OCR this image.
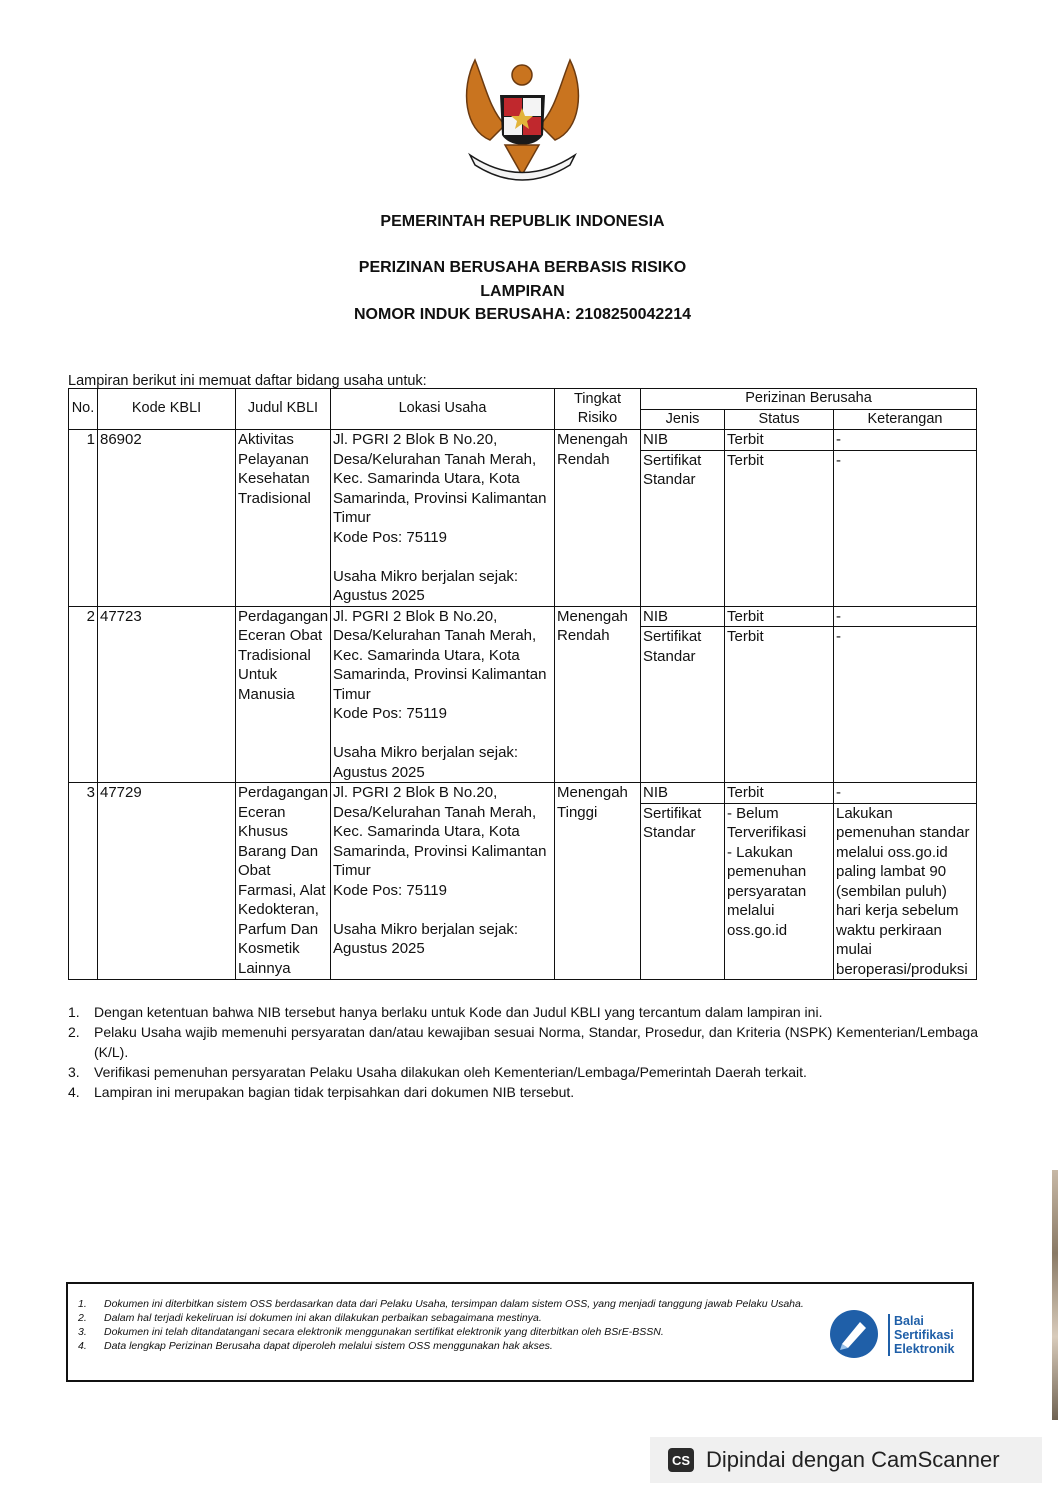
PEMERINTAH REPUBLIK INDONESIA
PERIZINAN BERUSAHA BERBASIS RISIKO
LAMPIRAN
NOMOR INDUK BERUSAHA: 2108250042214
Lampiran berikut ini memuat daftar bidang usaha untuk:
No.	Kode KBLI	Judul KBLI	Lokasi Usaha	Tingkat Risiko	Perizinan Berusaha		
					Jenis	Status	Keterangan
1	86902	Aktivitas Pelayanan Kesehatan Tradisional	Jl. PGRI 2 Blok B No.20, Desa/Kelurahan Tanah Merah, Kec. Samarinda Utara, Kota Samarinda, Provinsi Kalimantan Timur
Kode Pos: 75119

Usaha Mikro berjalan sejak: Agustus 2025	Menengah Rendah	NIB	Terbit	-
					Sertifikat Standar	Terbit	-
2	47723	Perdagangan Eceran Obat Tradisional Untuk Manusia	Jl. PGRI 2 Blok B No.20, Desa/Kelurahan Tanah Merah, Kec. Samarinda Utara, Kota Samarinda, Provinsi Kalimantan Timur
Kode Pos: 75119

Usaha Mikro berjalan sejak: Agustus 2025	Menengah Rendah	NIB	Terbit	-
					Sertifikat Standar	Terbit	-
3	47729	Perdagangan Eceran Khusus Barang Dan Obat Farmasi, Alat Kedokteran, Parfum Dan Kosmetik Lainnya	Jl. PGRI 2 Blok B No.20, Desa/Kelurahan Tanah Merah, Kec. Samarinda Utara, Kota Samarinda, Provinsi Kalimantan Timur
Kode Pos: 75119

Usaha Mikro berjalan sejak: Agustus 2025	Menengah Tinggi	NIB	Terbit	-
					Sertifikat Standar	- Belum Terverifikasi
- Lakukan pemenuhan persyaratan melalui oss.go.id	Lakukan pemenuhan standar melalui oss.go.id paling lambat 90 (sembilan puluh) hari kerja sebelum waktu perkiraan mulai beroperasi/produksi
1.	Dengan ketentuan bahwa NIB tersebut hanya berlaku untuk Kode dan Judul KBLI yang tercantum dalam lampiran ini.
2.	Pelaku Usaha wajib memenuhi persyaratan dan/atau kewajiban sesuai Norma, Standar, Prosedur, dan Kriteria (NSPK) Kementerian/Lembaga (K/L).
3.	Verifikasi pemenuhan persyaratan Pelaku Usaha dilakukan oleh Kementerian/Lembaga/Pemerintah Daerah terkait.
4.	Lampiran ini merupakan bagian tidak terpisahkan dari dokumen NIB tersebut.
1.	Dokumen ini diterbitkan sistem OSS berdasarkan data dari Pelaku Usaha, tersimpan dalam sistem OSS, yang menjadi tanggung jawab Pelaku Usaha.
2.	Dalam hal terjadi kekeliruan isi dokumen ini akan dilakukan perbaikan sebagaimana mestinya.
3.	Dokumen ini telah ditandatangani secara elektronik menggunakan sertifikat elektronik yang diterbitkan oleh BSrE-BSSN.
4.	Data lengkap Perizinan Berusaha dapat diperoleh melalui sistem OSS menggunakan hak akses.
Balai
Sertifikasi
Elektronik
CS Dipindai dengan CamScanner
